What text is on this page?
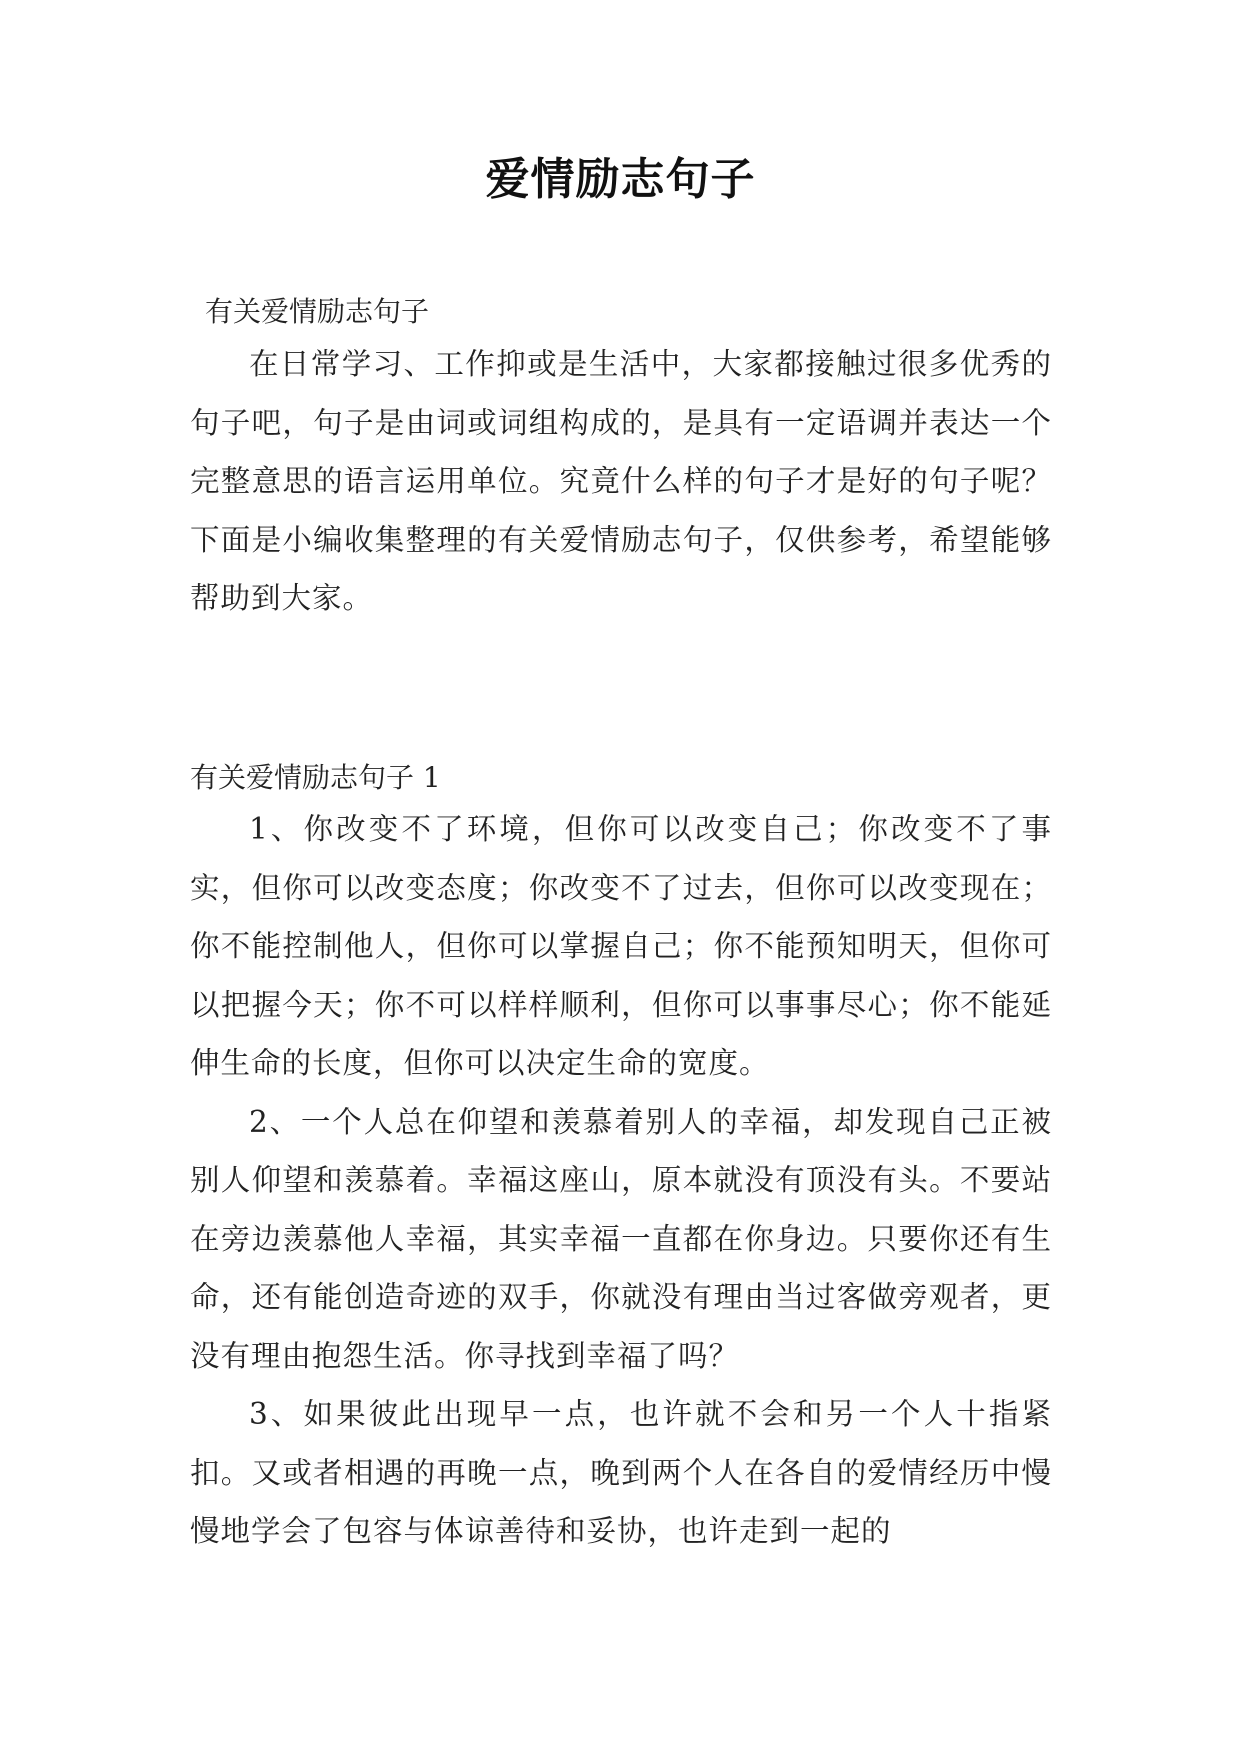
爱情励志句子
有关爱情励志句子

在日常学习、工作抑或是生活中，大家都接触过很多优秀的句子吧，句子是由词或词组构成的，是具有一定语调并表达一个完整意思的语言运用单位。究竟什么样的句子才是好的句子呢？下面是小编收集整理的有关爱情励志句子，仅供参考，希望能够帮助到大家。

有关爱情励志句子 1

1、你改变不了环境，但你可以改变自己；你改变不了事实，但你可以改变态度；你改变不了过去，但你可以改变现在；你不能控制他人，但你可以掌握自己；你不能预知明天，但你可以把握今天；你不可以样样顺利，但你可以事事尽心；你不能延伸生命的长度，但你可以决定生命的宽度。

2、一个人总在仰望和羡慕着别人的幸福，却发现自己正被别人仰望和羡慕着。幸福这座山，原本就没有顶没有头。不要站在旁边羡慕他人幸福，其实幸福一直都在你身边。只要你还有生命，还有能创造奇迹的双手，你就没有理由当过客做旁观者，更没有理由抱怨生活。你寻找到幸福了吗？

3、如果彼此出现早一点，也许就不会和另一个人十指紧扣。又或者相遇的再晚一点，晚到两个人在各自的爱情经历中慢慢地学会了包容与体谅善待和妥协，也许走到一起的
